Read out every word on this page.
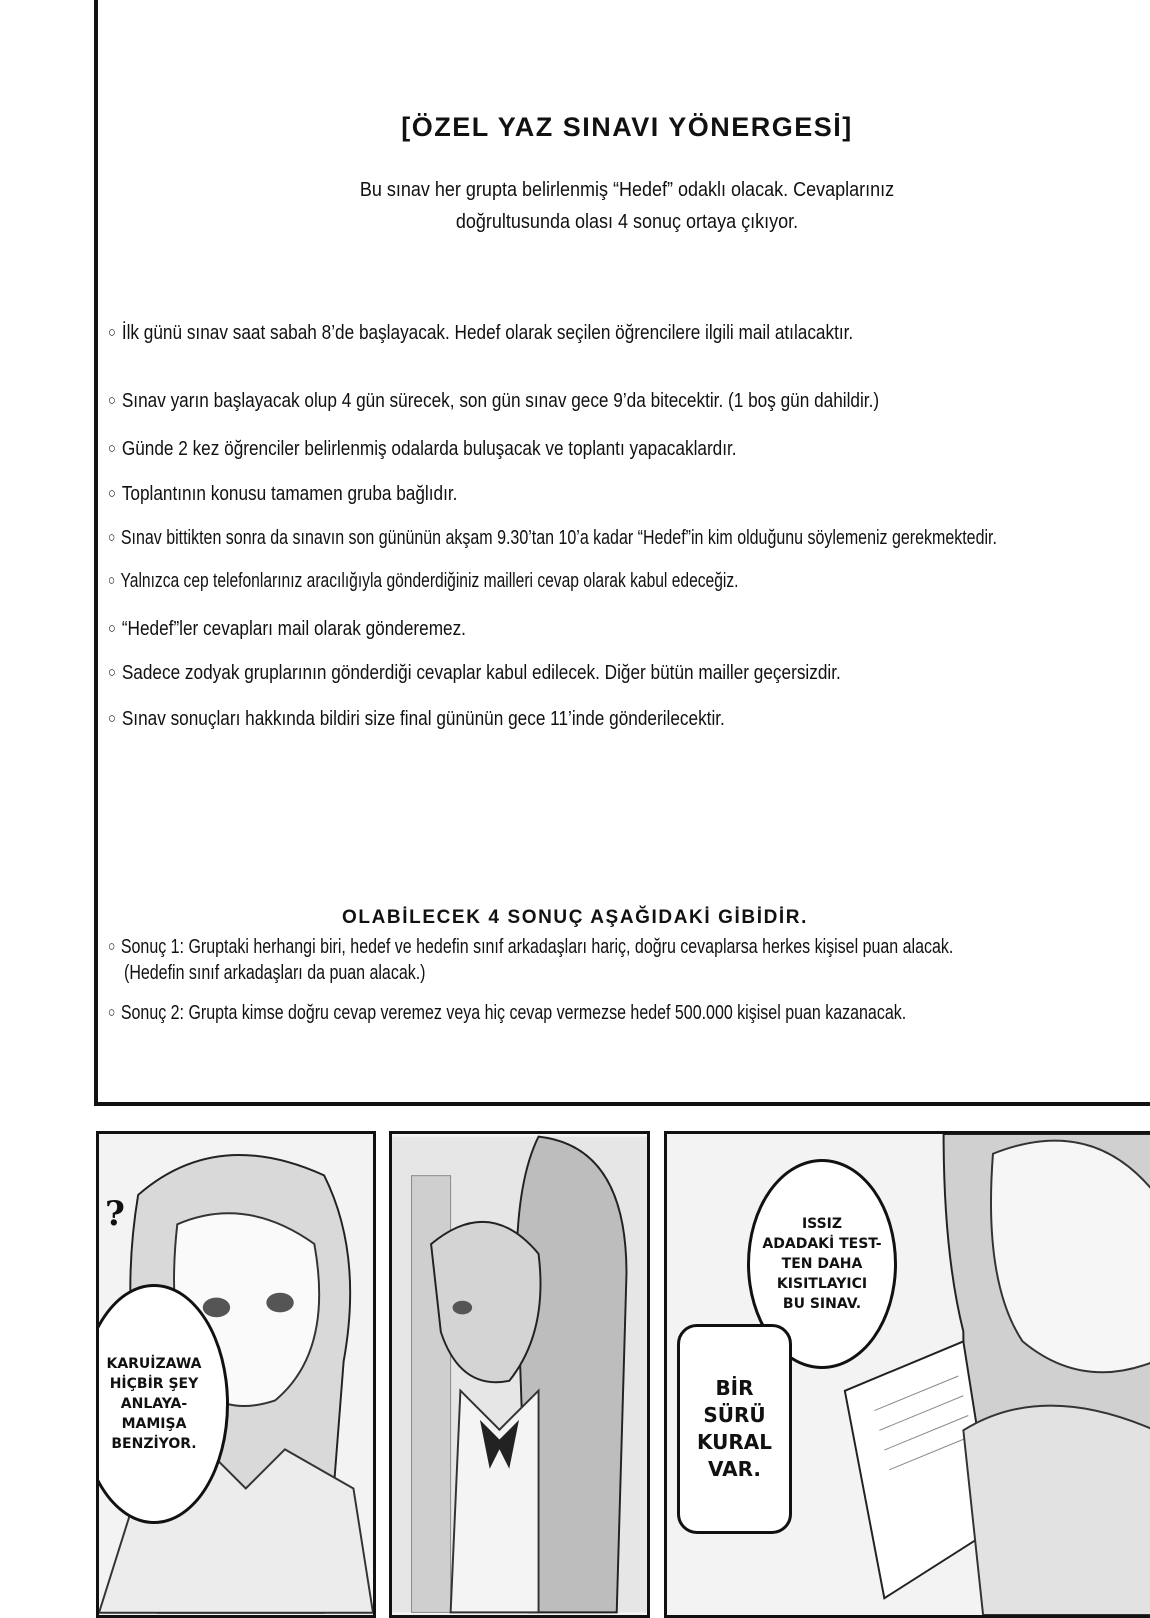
[ÖZEL YAZ SINAVI YÖNERGESİ]
Bu sınav her grupta belirlenmiş “Hedef” odaklı olacak. Cevaplarınız
doğrultusunda olası 4 sonuç ortaya çıkıyor.
○ İlk günü sınav saat sabah 8’de başlayacak. Hedef olarak seçilen öğrencilere ilgili mail atılacaktır.
○ Sınav yarın başlayacak olup 4 gün sürecek, son gün sınav gece 9’da bitecektir. (1 boş gün dahildir.)
○ Günde 2 kez öğrenciler belirlenmiş odalarda buluşacak ve toplantı yapacaklardır.
○ Toplantının konusu tamamen gruba bağlıdır.
○ Sınav bittikten sonra da sınavın son gününün akşam 9.30’tan 10’a kadar “Hedef”in kim olduğunu söylemeniz gerekmektedir.
○ Yalnızca cep telefonlarınız aracılığıyla gönderdiğiniz mailleri cevap olarak kabul edeceğiz.
○ “Hedef”ler cevapları mail olarak gönderemez.
○ Sadece zodyak gruplarının gönderdiği cevaplar kabul edilecek. Diğer bütün mailler geçersizdir.
○ Sınav sonuçları hakkında bildiri size final gününün gece 11’inde gönderilecektir.
OLABİLECEK 4 SONUÇ AŞAĞIDAKİ GİBİDİR.
○ Sonuç 1: Gruptaki herhangi biri, hedef ve hedefin sınıf arkadaşları hariç, doğru cevaplarsa herkes kişisel puan alacak.
(Hedefin sınıf arkadaşları da puan alacak.)
○ Sonuç 2: Grupta kimse doğru cevap veremez veya hiç cevap vermezse hedef 500.000 kişisel puan kazanacak.
?
KARUİZAWA
HİÇBİR ŞEY
ANLAYA-
MAMIŞA
BENZİYOR.
ISSIZ
ADADAKİ TEST-
TEN DAHA
KISITLAYICI
BU SINAV.
BİR
SÜRÜ
KURAL
VAR.
